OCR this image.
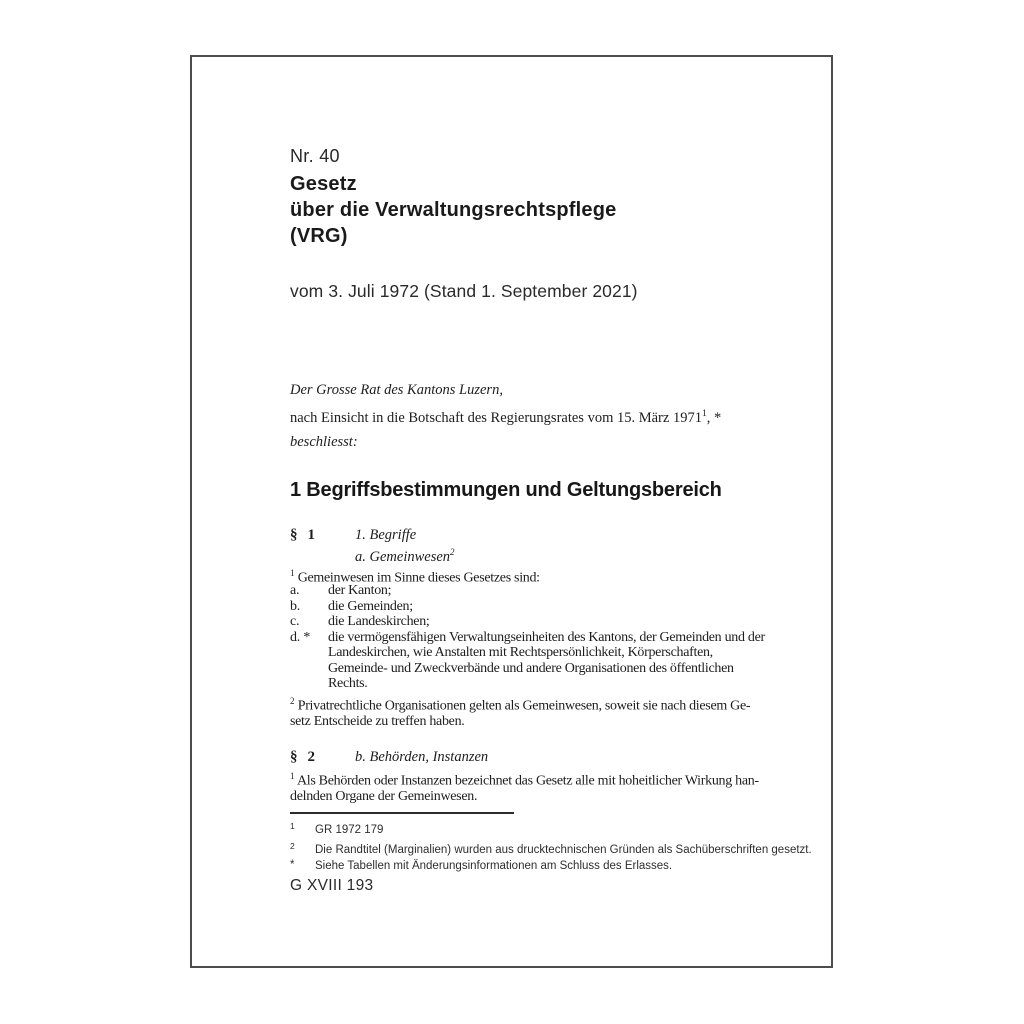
Nr. 40
Gesetz
über die Verwaltungsrechtspflege
(VRG)
vom 3. Juli 1972 (Stand 1. September 2021)
Der Grosse Rat des Kantons Luzern,
nach Einsicht in die Botschaft des Regierungsrates vom 15. März 1971$^1$, *
beschliesst:
1 Begriffsbestimmungen und Geltungsbereich
§ 1	1. Begriffe
a. Gemeinwesen$^2$
$^1$ Gemeinwesen im Sinne dieses Gesetzes sind:
a. der Kanton;
b. die Gemeinden;
c. die Landeskirchen;
d. * die vermögensfähigen Verwaltungseinheiten des Kantons, der Gemeinden und der
Landeskirchen, wie Anstalten mit Rechtspersönlichkeit, Körperschaften,
Gemeinde- und Zweckverbände und andere Organisationen des öffentlichen
Rechts.
$^2$ Privatrechtliche Organisationen gelten als Gemeinwesen, soweit sie nach diesem Ge-
setz Entscheide zu treffen haben.
§ 2	b. Behörden, Instanzen
$^1$ Als Behörden oder Instanzen bezeichnet das Gesetz alle mit hoheitlicher Wirkung han-
delnden Organe der Gemeinwesen.
1 GR 1972 179
2 Die Randtitel (Marginalien) wurden aus drucktechnischen Gründen als Sachüberschriften gesetzt.
* Siehe Tabellen mit Änderungsinformationen am Schluss des Erlasses.
G XVIII 193
